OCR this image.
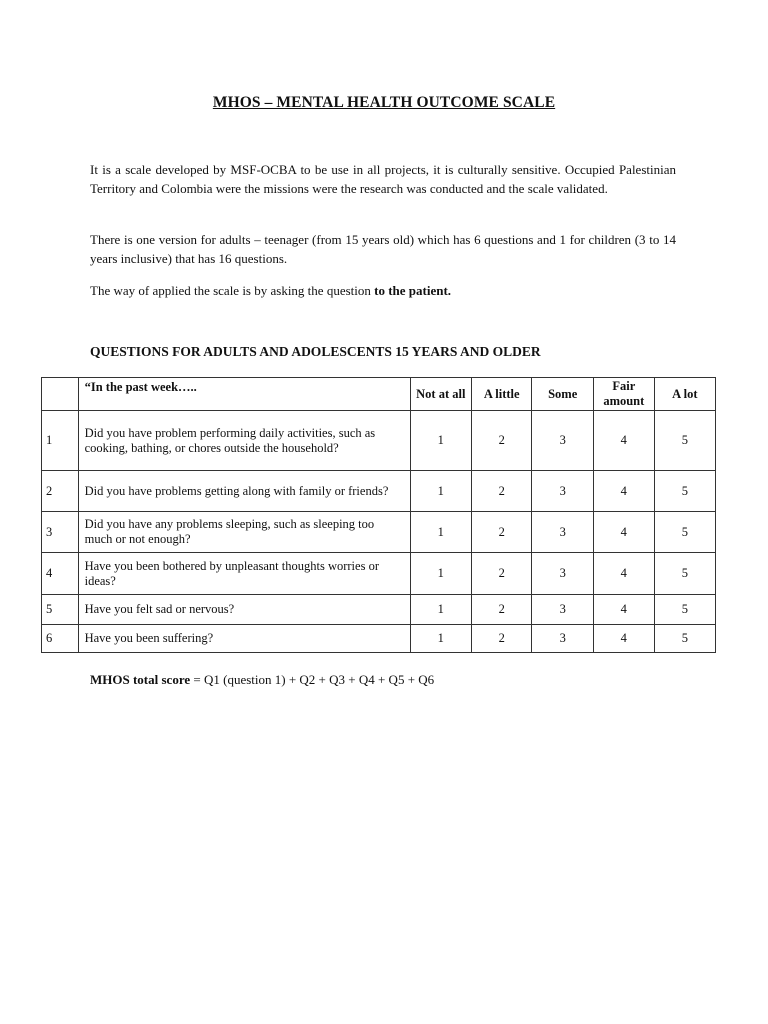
MHOS – MENTAL HEALTH OUTCOME SCALE

It is a scale developed by MSF-OCBA to be use in all projects, it is culturally sensitive. Occupied Palestinian Territory and Colombia were the missions were the research was conducted and the scale validated.

There is one version for adults – teenager (from 15 years old) which has 6 questions and 1 for children (3 to 14 years inclusive) that has 16 questions.

The way of applied the scale is by asking the question to the patient.

QUESTIONS FOR ADULTS AND ADOLESCENTS 15 YEARS AND OLDER
	“In the past week…..	Not at all	A little	Some	Fair amount	A lot
1	Did you have problem performing daily activities, such as cooking, bathing, or chores outside the household?	1	2	3	4	5
2	Did you have problems getting along with family or friends?	1	2	3	4	5
3	Did you have any problems sleeping, such as sleeping too much or not enough?	1	2	3	4	5
4	Have you been bothered by unpleasant thoughts worries or ideas?	1	2	3	4	5
5	Have you felt sad or nervous?	1	2	3	4	5
6	Have you been suffering?	1	2	3	4	5
MHOS total score = Q1 (question 1) + Q2 + Q3 + Q4 + Q5 + Q6
